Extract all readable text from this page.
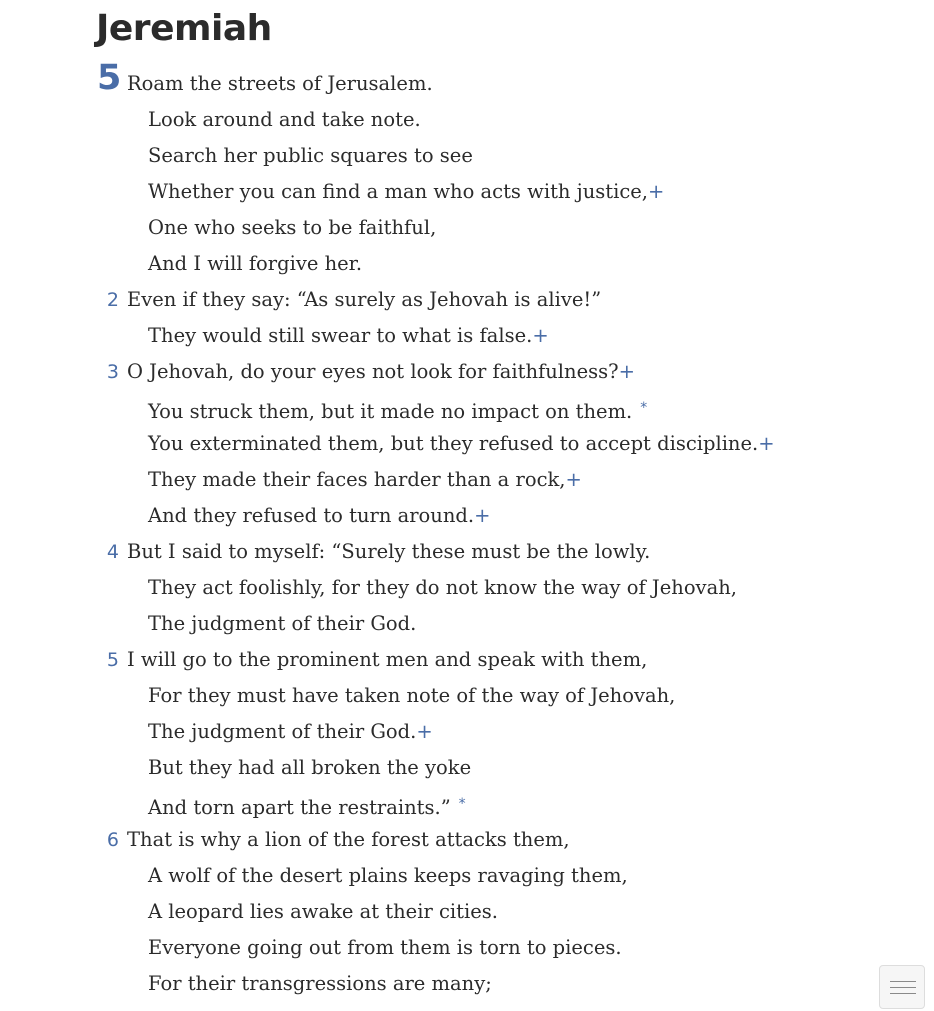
Jeremiah
5 Roam the streets of Jerusalem.
Look around and take note.
Search her public squares to see
Whether you can find a man who acts with justice,+
One who seeks to be faithful,
And I will forgive her.
2 Even if they say: “As surely as Jehovah is alive!”
They would still swear to what is false.+
3 O Jehovah, do your eyes not look for faithfulness?+
You struck them, but it made no impact on them. *
You exterminated them, but they refused to accept discipline.+
They made their faces harder than a rock,+
And they refused to turn around.+
4 But I said to myself: “Surely these must be the lowly.
They act foolishly, for they do not know the way of Jehovah,
The judgment of their God.
5 I will go to the prominent men and speak with them,
For they must have taken note of the way of Jehovah,
The judgment of their God.+
But they had all broken the yoke
And torn apart the restraints.” *
6 That is why a lion of the forest attacks them,
A wolf of the desert plains keeps ravaging them,
A leopard lies awake at their cities.
Everyone going out from them is torn to pieces.
For their transgressions are many;
